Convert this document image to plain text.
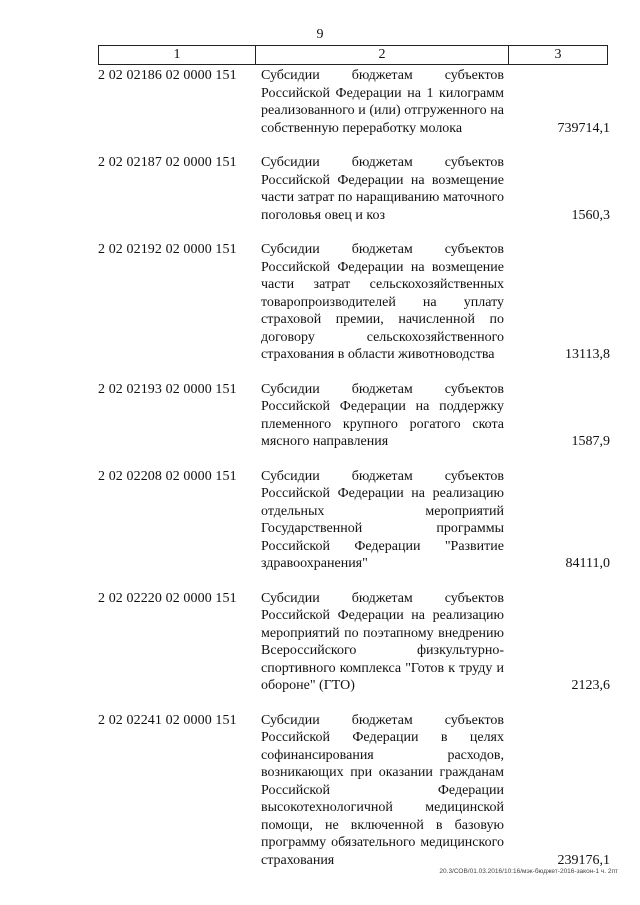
9
1	2	3
2 02 02186 02 0000 151	Субсидии бюджетам субъектов Российской Федерации на 1 килограмм реализованного и (или) отгруженного на собственную переработку молока	739714,1
2 02 02187 02 0000 151	Субсидии бюджетам субъектов Российской Федерации на возмещение части затрат по наращиванию маточного поголовья овец и коз	1560,3
2 02 02192 02 0000 151	Субсидии бюджетам субъектов Российской Федерации на возмещение части затрат сельскохозяйственных товаропроизводителей на уплату страховой премии, начисленной по договору сельскохозяйственного страхования в области животноводства	13113,8
2 02 02193 02 0000 151	Субсидии бюджетам субъектов Российской Федерации на поддержку племенного крупного рогатого скота мясного направления	1587,9
2 02 02208 02 0000 151	Субсидии бюджетам субъектов Российской Федерации на реализацию отдельных мероприятий Государственной программы Российской Федерации "Развитие здравоохранения"	84111,0
2 02 02220 02 0000 151	Субсидии бюджетам субъектов Российской Федерации на реализацию мероприятий по поэтапному внедрению Всероссийского физкультурно-спортивного комплекса "Готов к труду и обороне" (ГТО)	2123,6
2 02 02241 02 0000 151	Субсидии бюджетам субъектов Российской Федерации в целях софинансирования расходов, возникающих при оказании гражданам Российской Федерации высокотехнологичной медицинской помощи, не включенной в базовую программу обязательного медицинского страхования	239176,1
20.3/СОВ/01.03.2016/10:16/мэк-бюджет-2016-закон-1 ч. 2пт
